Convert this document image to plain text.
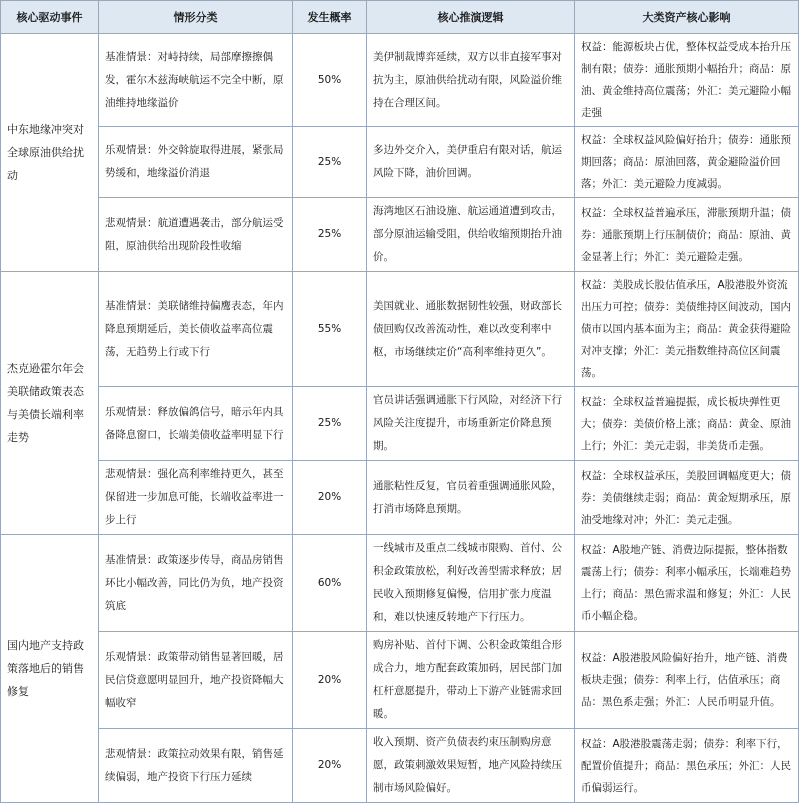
核心驱动事件	情形分类	发生概率	核心推演逻辑	大类资产核心影响
中东地缘冲突对全球原油供给扰动	基准情景：对峙持续，局部摩擦擦偶发，霍尔木兹海峡航运不完全中断，原油维持地缘溢价	50%	美伊制裁博弈延续，双方以非直接军事对抗为主，原油供给扰动有限，风险溢价维持在合理区间。	权益：能源板块占优，整体权益受成本抬升压制有限；债券：通胀预期小幅抬升；商品：原油、黄金维持高位震荡；外汇：美元避险小幅走强
	乐观情景：外交斡旋取得进展，紧张局势缓和，地缘溢价消退	25%	多边外交介入，美伊重启有限对话，航运风险下降，油价回调。	权益：全球权益风险偏好抬升；债券：通胀预期回落；商品：原油回落，黄金避险溢价回落；外汇：美元避险力度减弱。
	悲观情景：航道遭遇袭击，部分航运受阻，原油供给出现阶段性收缩	25%	海湾地区石油设施、航运通道遭到攻击，部分原油运输受阻，供给收缩预期抬升油价。	权益：全球权益普遍承压，滞胀预期升温；债券：通胀预期上行压制债价；商品：原油、黄金显著上行；外汇：美元避险走强。
杰克逊霍尔年会美联储政策表态与美债长端利率走势	基准情景：美联储维持偏鹰表态，年内降息预期延后，美长债收益率高位震荡，无趋势上行或下行	55%	美国就业、通胀数据韧性较强，财政部长债回购仅改善流动性，难以改变利率中枢，市场继续定价“高利率维持更久”。	权益：美股成长股估值承压，A股港股外资流出压力可控；债券：美债维持区间波动，国内债市以国内基本面为主；商品：黄金获得避险对冲支撑；外汇：美元指数维持高位区间震荡。
	乐观情景：释放偏鸽信号，暗示年内具备降息窗口，长端美债收益率明显下行	25%	官员讲话强调通胀下行风险，对经济下行风险关注度提升，市场重新定价降息预期。	权益：全球权益普遍提振，成长板块弹性更大；债券：美债价格上涨；商品：黄金、原油上行；外汇：美元走弱，非美货币走强。
	悲观情景：强化高利率维持更久，甚至保留进一步加息可能，长端收益率进一步上行	20%	通胀粘性反复，官员着重强调通胀风险，打消市场降息预期。	权益：全球权益承压，美股回调幅度更大；债券：美债继续走弱；商品：黄金短期承压，原油受地缘对冲；外汇：美元走强。
国内地产支持政策落地后的销售修复	基准情景：政策逐步传导，商品房销售环比小幅改善，同比仍为负，地产投资筑底	60%	一线城市及重点二线城市限购、首付、公积金政策放松，利好改善型需求释放；居民收入预期修复偏慢，信用扩张力度温和，难以快速反转地产下行压力。	权益：A股地产链、消费边际提振，整体指数震荡上行；债券：利率小幅承压，长端难趋势上行；商品：黑色需求温和修复；外汇：人民币小幅企稳。
	乐观情景：政策带动销售显著回暖，居民信贷意愿明显回升，地产投资降幅大幅收窄	20%	购房补贴、首付下调、公积金政策组合形成合力，地方配套政策加码，居民部门加杠杆意愿提升，带动上下游产业链需求回暖。	权益：A股港股风险偏好抬升，地产链、消费板块走强；债券：利率上行，估值承压；商品：黑色系走强；外汇：人民币明显升值。
	悲观情景：政策拉动效果有限，销售延续偏弱，地产投资下行压力延续	20%	收入预期、资产负债表约束压制购房意愿，政策刺激效果短暂，地产风险持续压制市场风险偏好。	权益：A股港股震荡走弱；债券：利率下行，配置价值提升；商品：黑色承压；外汇：人民币偏弱运行。
